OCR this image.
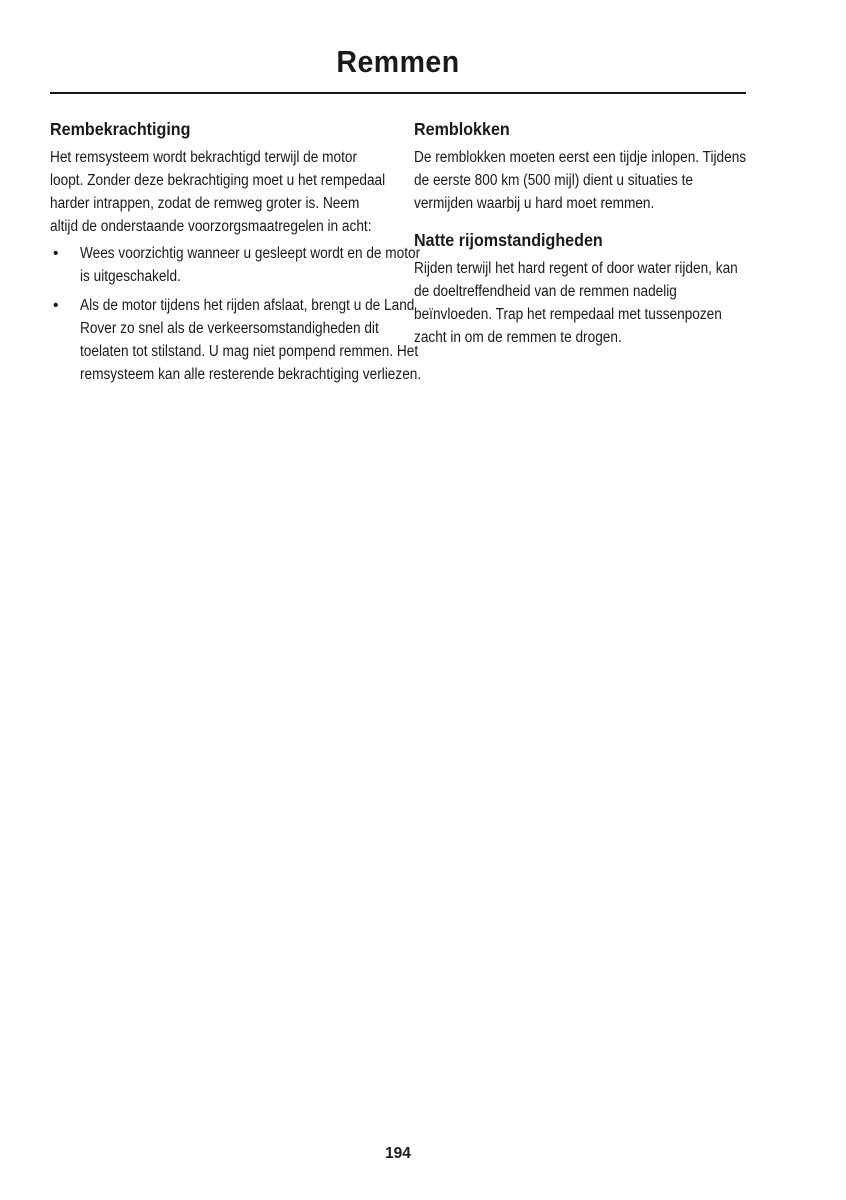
Remmen
Rembekrachtiging

Het remsysteem wordt bekrachtigd terwijl de motor loopt. Zonder deze bekrachtiging moet u het rempedaal harder intrappen, zodat de remweg groter is. Neem altijd de onderstaande voorzorgsmaatregelen in acht:

• Wees voorzichtig wanneer u gesleept wordt en de motor is uitgeschakeld.

• Als de motor tijdens het rijden afslaat, brengt u de Land Rover zo snel als de verkeersomstandigheden dit toelaten tot stilstand. U mag niet pompend remmen. Het remsysteem kan alle resterende bekrachtiging verliezen.

Remblokken

De remblokken moeten eerst een tijdje inlopen. Tijdens de eerste 800 km (500 mijl) dient u situaties te vermijden waarbij u hard moet remmen.

Natte rijomstandigheden

Rijden terwijl het hard regent of door water rijden, kan de doeltreffendheid van de remmen nadelig beïnvloeden. Trap het rempedaal met tussenpozen zacht in om de remmen te drogen.

194
